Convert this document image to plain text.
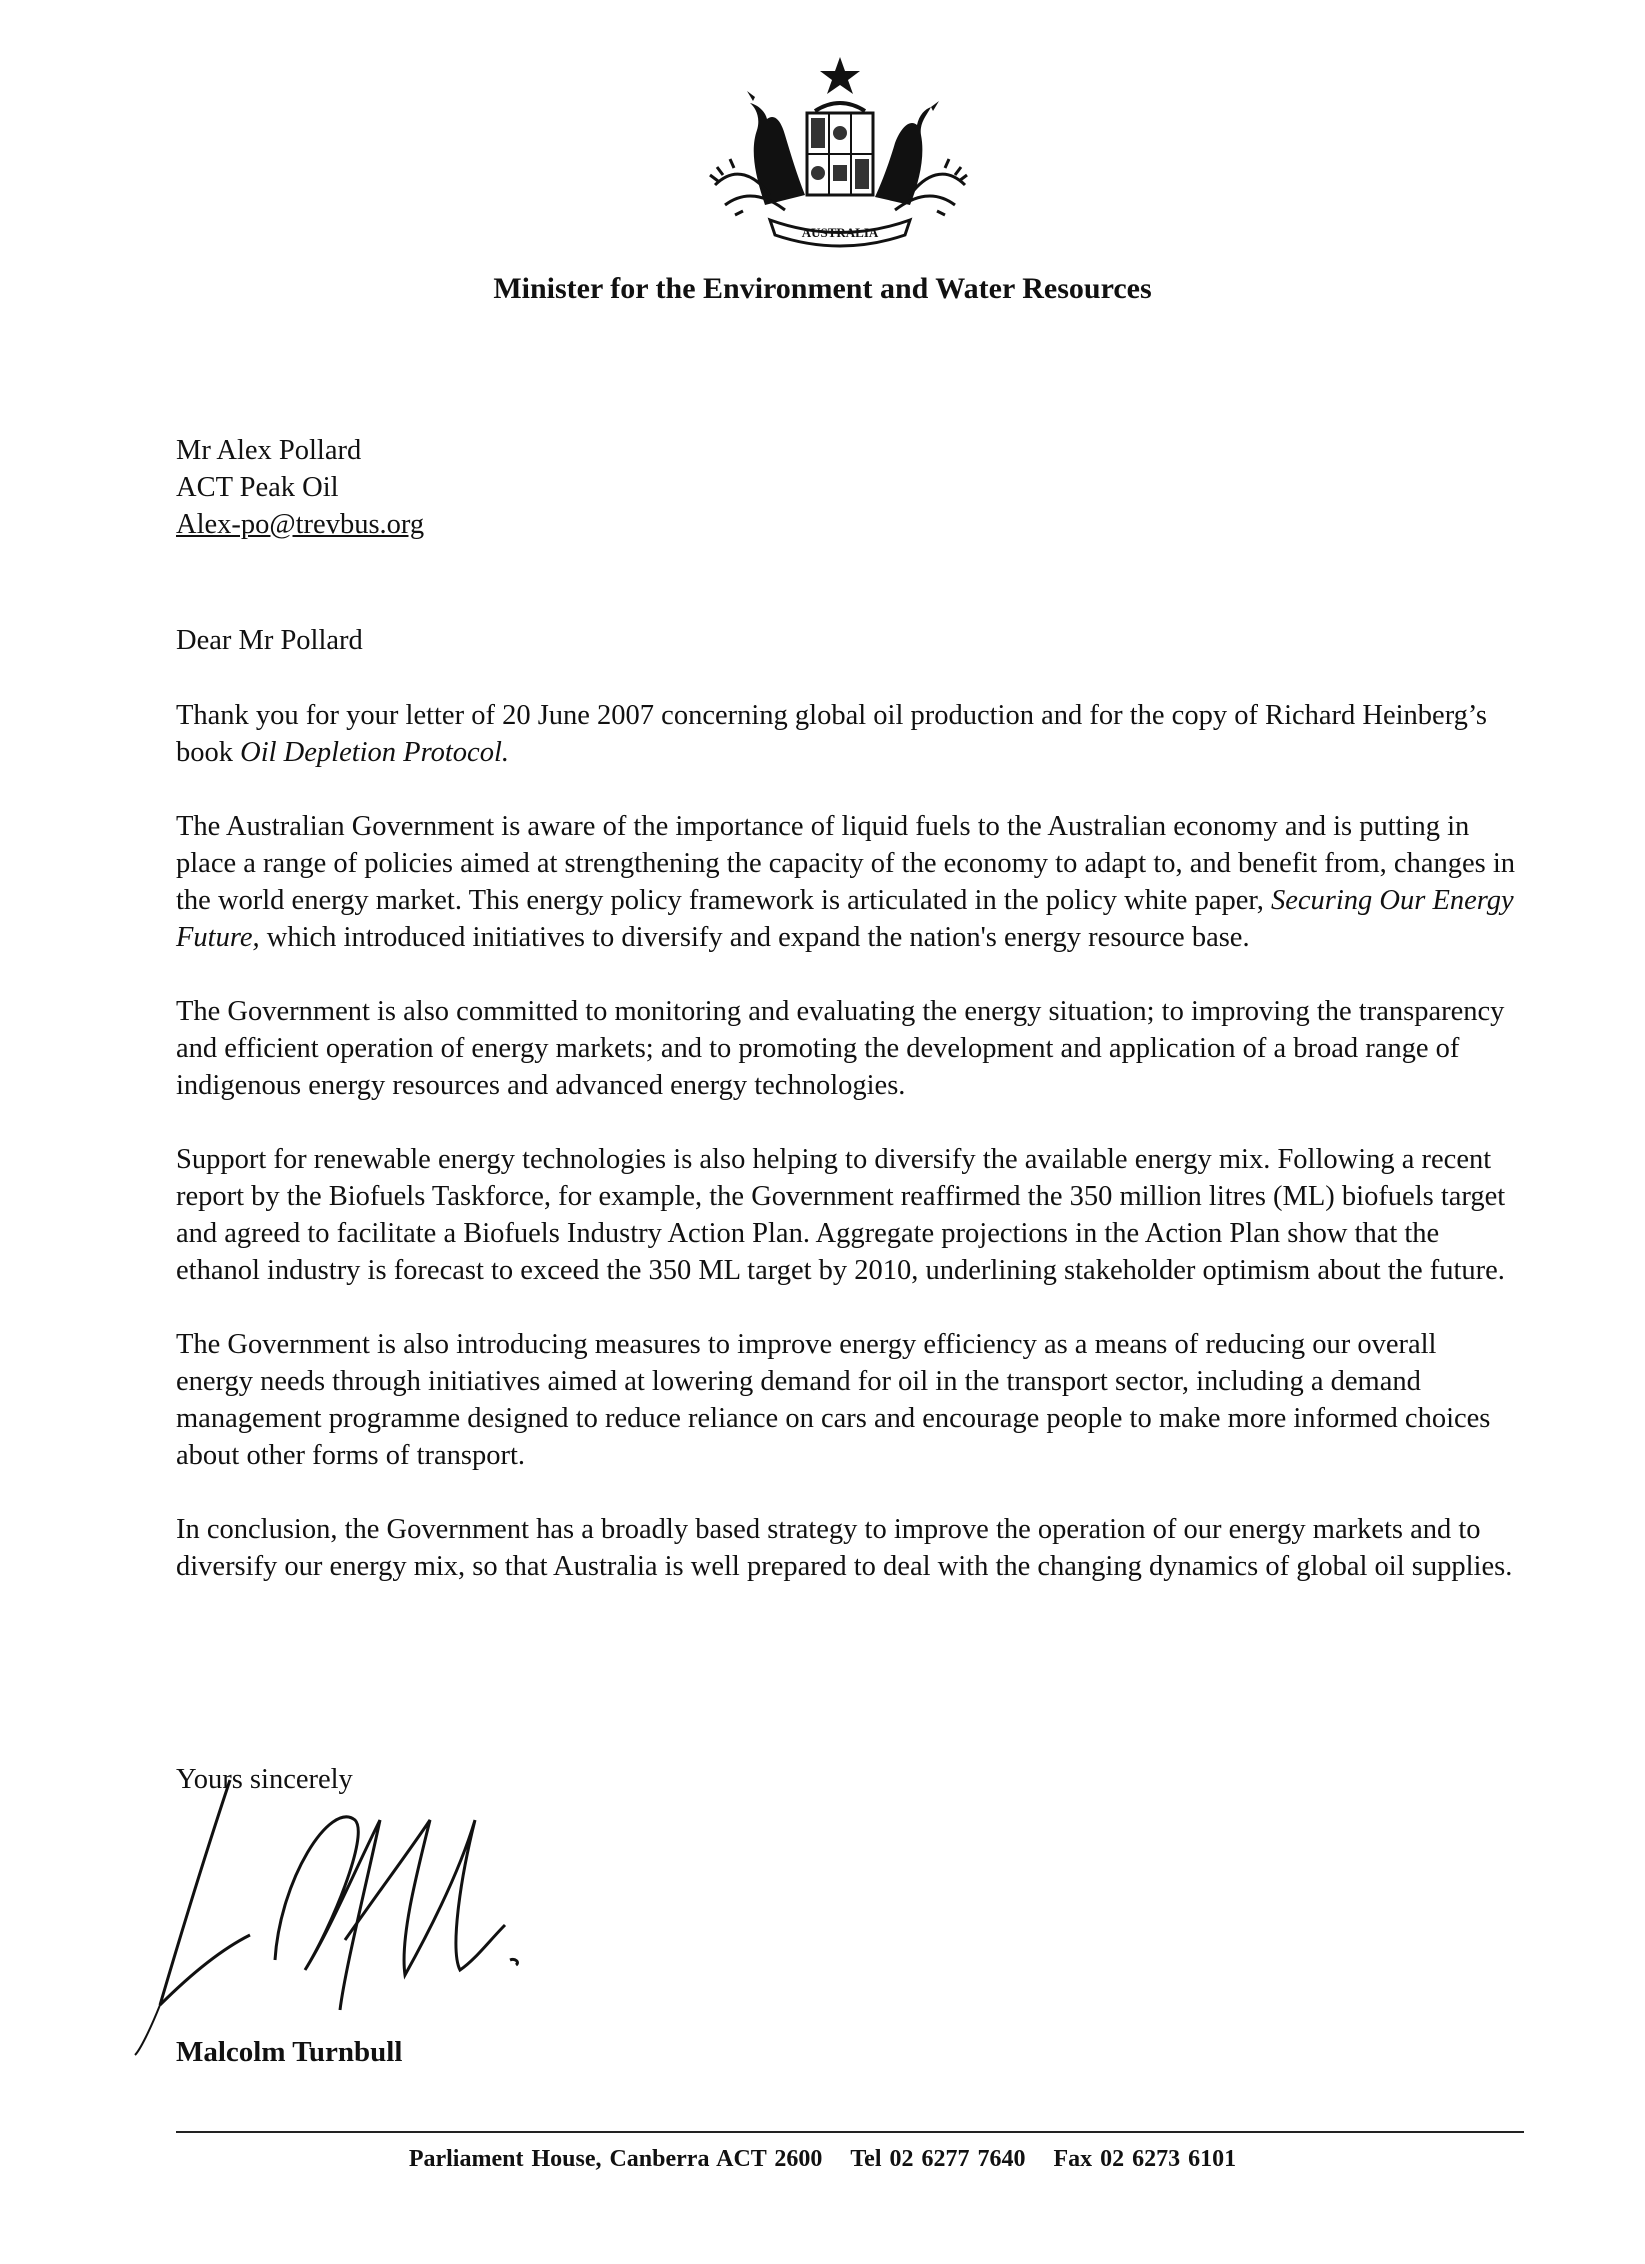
AUSTRALIA
Minister for the Environment and Water Resources
Mr Alex Pollard
ACT Peak Oil
Alex-po@trevbus.org
Dear Mr Pollard

Thank you for your letter of 20 June 2007 concerning global oil production and for the copy of Richard Heinberg’s book Oil Depletion Protocol.

The Australian Government is aware of the importance of liquid fuels to the Australian economy and is putting in place a range of policies aimed at strengthening the capacity of the economy to adapt to, and benefit from, changes in the world energy market. This energy policy framework is articulated in the policy white paper, Securing Our Energy Future, which introduced initiatives to diversify and expand the nation's energy resource base.

The Government is also committed to monitoring and evaluating the energy situation; to improving the transparency and efficient operation of energy markets; and to promoting the development and application of a broad range of indigenous energy resources and advanced energy technologies.

Support for renewable energy technologies is also helping to diversify the available energy mix. Following a recent report by the Biofuels Taskforce, for example, the Government reaffirmed the 350 million litres (ML) biofuels target and agreed to facilitate a Biofuels Industry Action Plan. Aggregate projections in the Action Plan show that the ethanol industry is forecast to exceed the 350 ML target by 2010, underlining stakeholder optimism about the future.

The Government is also introducing measures to improve energy efficiency as a means of reducing our overall energy needs through initiatives aimed at lowering demand for oil in the transport sector, including a demand management programme designed to reduce reliance on cars and encourage people to make more informed choices about other forms of transport.

In conclusion, the Government has a broadly based strategy to improve the operation of our energy markets and to diversify our energy mix, so that Australia is well prepared to deal with the changing dynamics of global oil supplies.

Yours sincerely
Malcolm Turnbull
Parliament House, Canberra ACT 2600 Tel 02 6277 7640 Fax 02 6273 6101
